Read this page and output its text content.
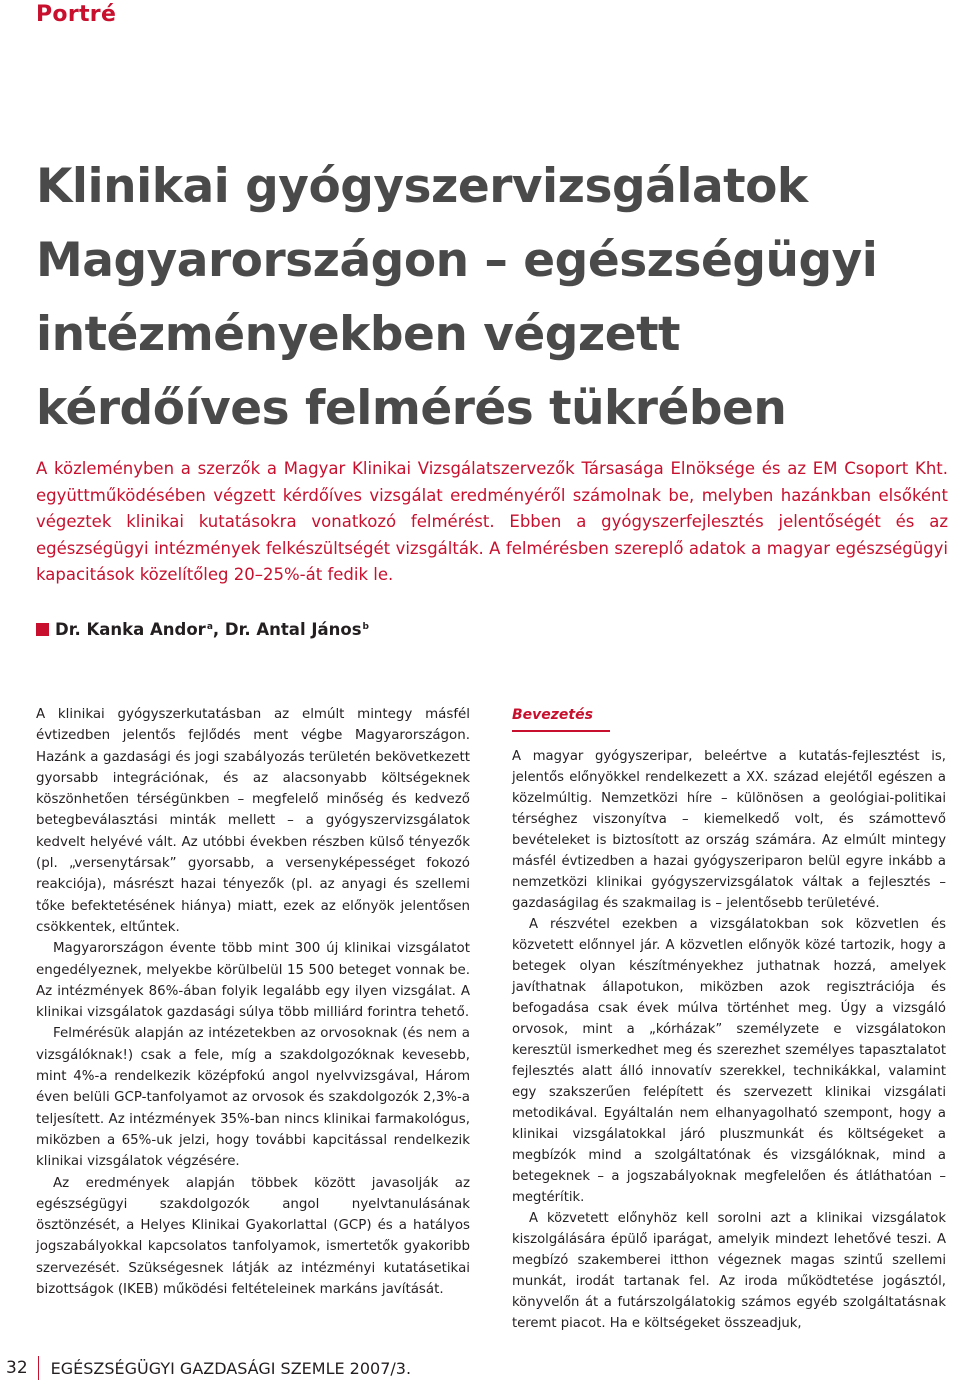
Portré
Klinikai gyógyszervizsgálatok
Magyarországon – egészségügyi
intézményekben végzett
kérdőíves felmérés tükrében

A közleményben a szerzők a Magyar Klinikai Vizsgálatszervezők Társasága Elnöksége és az EM Csoport Kht. együttműködésében végzett kérdőíves vizsgálat eredményéről számolnak be, melyben hazánkban elsőként végeztek klinikai kutatásokra vonatkozó felmérést. Ebben a gyógyszerfejlesztés jelentőségét és az egészségügyi intézmények felkészültségét vizsgálták. A felmérésben szereplő adatok a magyar egészségügyi kapacitások közelítőleg 20–25%-át fedik le.

Dr. Kanka Andor$^a$, Dr. Antal János$^b$

A klinikai gyógyszerkutatásban az elmúlt mintegy másfél évtizedben jelentős fejlődés ment végbe Magyarországon. Hazánk a gazdasági és jogi szabályozás területén bekövetkezett gyorsabb integrációnak, és az alacsonyabb költségeknek köszönhetően térségünkben – megfelelő minőség és kedvező betegbeválasztási minták mellett – a gyógyszervizsgálatok kedvelt helyévé vált. Az utóbbi években részben külső tényezők (pl. „versenytársak” gyorsabb, a versenyképességet fokozó reakciója), másrészt hazai tényezők (pl. az anyagi és szellemi tőke befektetésének hiánya) miatt, ezek az előnyök jelentősen csökkentek, eltűntek.

Magyarországon évente több mint 300 új klinikai vizsgálatot engedélyeznek, melyekbe körülbelül 15 500 beteget vonnak be. Az intézmények 86%-ában folyik legalább egy ilyen vizsgálat. A klinikai vizsgálatok gazdasági súlya több milliárd forintra tehető.

Felmérésük alapján az intézetekben az orvosoknak (és nem a vizsgálóknak!) csak a fele, míg a szakdolgozóknak kevesebb, mint 4%-a rendelkezik középfokú angol nyelvvizsgával, Három éven belüli GCP-tanfolyamot az orvosok és szakdolgozók 2,3%-a teljesített. Az intézmények 35%-ban nincs klinikai farmakológus, miközben a 65%-uk jelzi, hogy további kapcitással rendelkezik klinikai vizsgálatok végzésére.

Az eredmények alapján többek között javasolják az egészségügyi szakdolgozók angol nyelvtanulásának ösztönzését, a Helyes Klinikai Gyakorlattal (GCP) és a hatályos jogszabályokkal kapcsolatos tanfolyamok, ismertetők gyakoribb szervezését. Szükségesnek látják az intézményi kutatásetikai bizottságok (IKEB) működési feltételeinek markáns javítását.

Bevezetés

A magyar gyógyszeripar, beleértve a kutatás-fejlesztést is, jelentős előnyökkel rendelkezett a XX. század elejétől egészen a közelmúltig. Nemzetközi híre – különösen a geológiai-politikai térséghez viszonyítva – kiemelkedő volt, és számottevő bevételeket is biztosított az ország számára. Az elmúlt mintegy másfél évtizedben a hazai gyógyszeriparon belül egyre inkább a nemzetközi klinikai gyógyszervizsgálatok váltak a fejlesztés – gazdaságilag és szakmailag is – jelentősebb területévé.

A részvétel ezekben a vizsgálatokban sok közvetlen és közvetett előnnyel jár. A közvetlen előnyök közé tartozik, hogy a betegek olyan készítményekhez juthatnak hozzá, amelyek javíthatnak állapotukon, miközben azok regisztrációja és befogadása csak évek múlva történhet meg. Úgy a vizsgáló orvosok, mint a „kórházak” személyzete e vizsgálatokon keresztül ismerkedhet meg és szerezhet személyes tapasztalatot fejlesztés alatt álló innovatív szerekkel, technikákkal, valamint egy szakszerűen felépített és szervezett klinikai vizsgálati metodikával. Egyáltalán nem elhanyagolható szempont, hogy a klinikai vizsgálatokkal járó pluszmunkát és költségeket a megbízók mind a szolgáltatónak és vizsgálóknak, mind a betegeknek – a jogszabályoknak megfelelően és átláthatóan – megtérítik.

A közvetett előnyhöz kell sorolni azt a klinikai vizsgálatok kiszolgálására épülő iparágat, amelyik mindezt lehetővé teszi. A megbízó szakemberei itthon végeznek magas szintű szellemi munkát, irodát tartanak fel. Az iroda működtetése jogásztól, könyvelőn át a futárszolgálatokig számos egyéb szolgáltatásnak teremt piacot. Ha e költségeket összeadjuk,

32 EGÉSZSÉGÜGYI GAZDASÁGI SZEMLE 2007/3.
